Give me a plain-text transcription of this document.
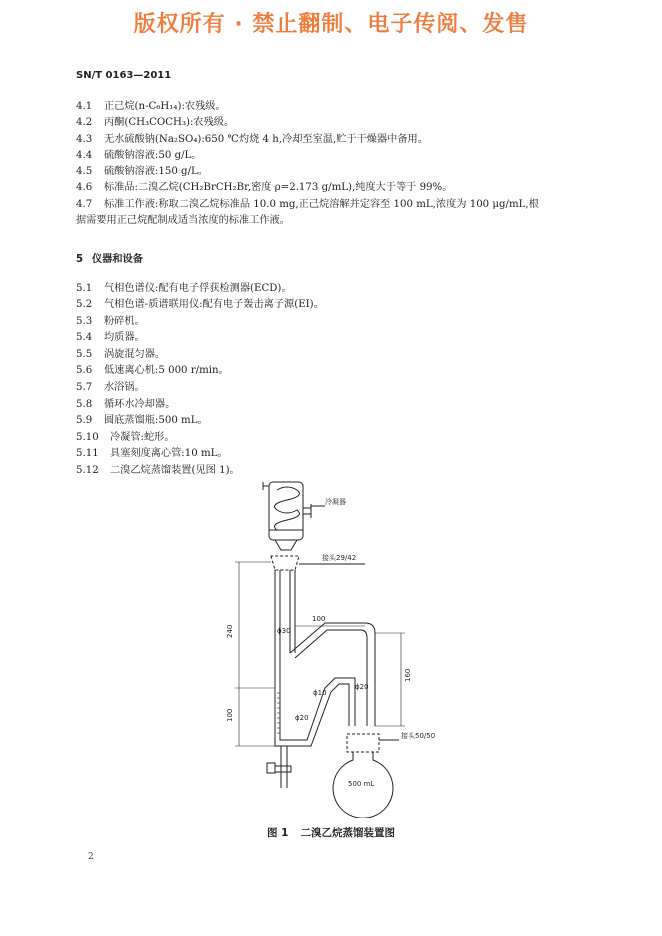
版权所有 · 禁止翻制、电子传阅、发售
SN/T 0163—2011
4.1 正己烷(n-C₆H₁₄):农残级。
4.2 丙酮(CH₃COCH₃):农残级。
4.3 无水硫酸钠(Na₂SO₄):650 ℃灼烧 4 h,冷却至室温,贮于干燥器中备用。
4.4 硫酸钠溶液:50 g/L。
4.5 硫酸钠溶液:150 g/L。
4.6 标准品:二溴乙烷(CH₂BrCH₂Br,密度 ρ=2.173 g/mL),纯度大于等于 99%。
4.7 标准工作液:称取二溴乙烷标准品 10.0 mg,正己烷溶解并定容至 100 mL,浓度为 100 μg/mL,根
据需要用正己烷配制成适当浓度的标准工作液。
5 仪器和设备
5.1 气相色谱仪:配有电子俘获检测器(ECD)。
5.2 气相色谱-质谱联用仪:配有电子轰击离子源(EI)。
5.3 粉碎机。
5.4 均质器。
5.5 涡旋混匀器。
5.6 低速离心机:5 000 r/min。
5.7 水浴锅。
5.8 循环水冷却器。
5.9 圆底蒸馏瓶:500 mL。
5.10 冷凝管:蛇形。
5.11 具塞刻度离心管:10 mL。
5.12 二溴乙烷蒸馏装置(见图 1)。
冷凝器
接头29/42
接头50/50
500 mL
240
100
100
160
ϕ30
ϕ20
ϕ10
ϕ20
图 1 二溴乙烷蒸馏装置图
2
